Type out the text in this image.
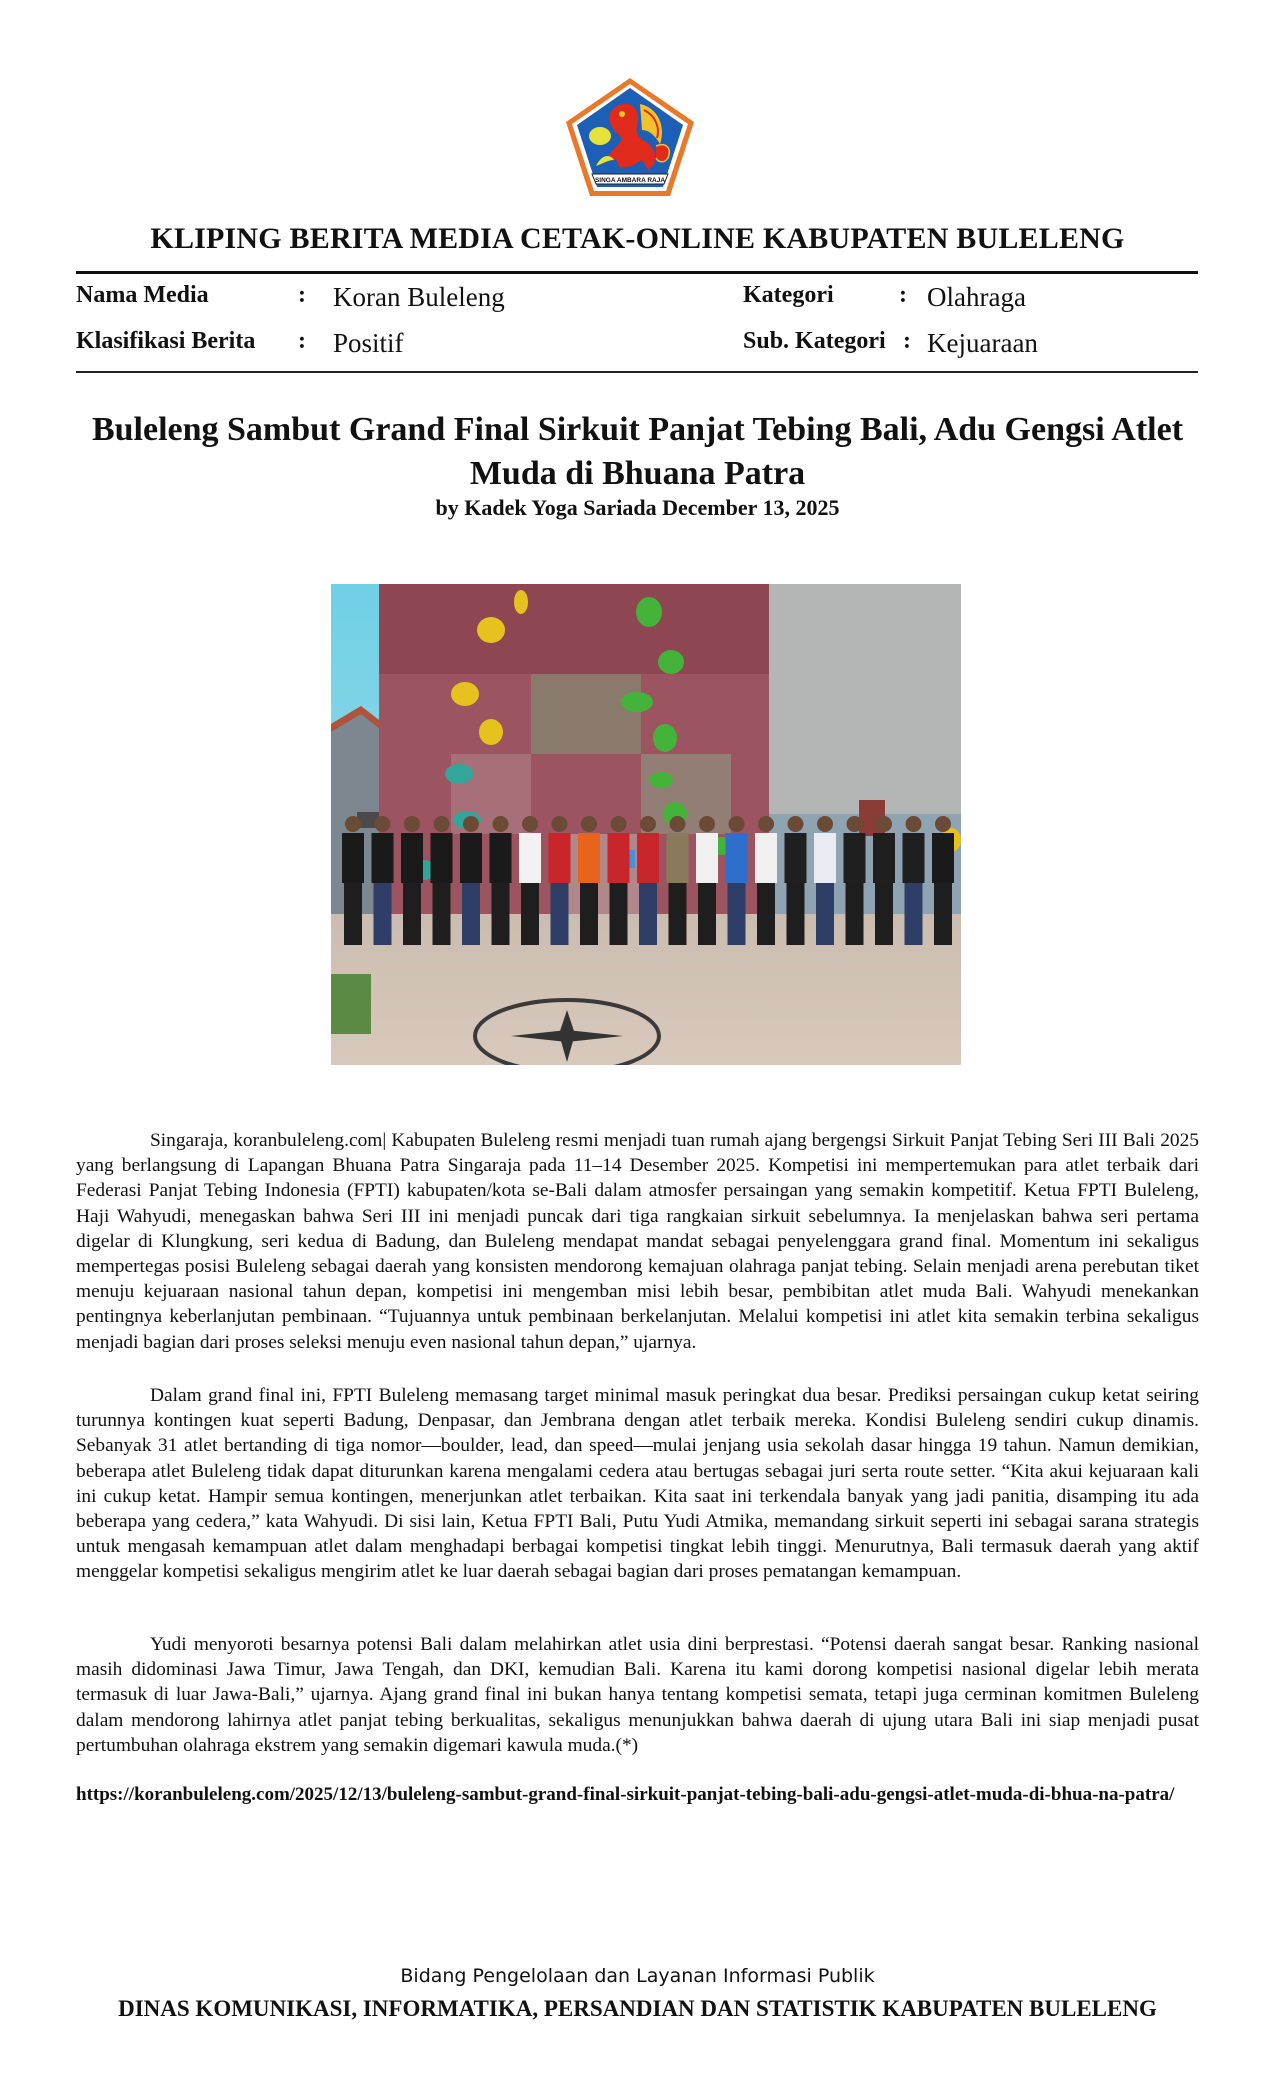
SINGA AMBARA RAJA
KLIPING BERITA MEDIA CETAK-ONLINE KABUPATEN BULELENG
Nama Media	: Koran Buleleng
Klasifikasi Berita : Positif
Kategori	: Olahraga
Sub. Kategori : Kejuaraan
Buleleng Sambut Grand Final Sirkuit Panjat Tebing Bali, Adu Gengsi Atlet Muda di Bhuana Patra
by Kadek Yoga Sariada December 13, 2025

Singaraja, koranbuleleng.com| Kabupaten Buleleng resmi menjadi tuan rumah ajang bergengsi Sirkuit Panjat Tebing Seri III Bali 2025 yang berlangsung di Lapangan Bhuana Patra Singaraja pada 11–14 Desember 2025. Kompetisi ini mempertemukan para atlet terbaik dari Federasi Panjat Tebing Indonesia (FPTI) kabupaten/kota se-Bali dalam atmosfer persaingan yang semakin kompetitif. Ketua FPTI Buleleng, Haji Wahyudi, menegaskan bahwa Seri III ini menjadi puncak dari tiga rangkaian sirkuit sebelumnya. Ia menjelaskan bahwa seri pertama digelar di Klungkung, seri kedua di Badung, dan Buleleng mendapat mandat sebagai penyelenggara grand final. Momentum ini sekaligus mempertegas posisi Buleleng sebagai daerah yang konsisten mendorong kemajuan olahraga panjat tebing. Selain menjadi arena perebutan tiket menuju kejuaraan nasional tahun depan, kompetisi ini mengemban misi lebih besar, pembibitan atlet muda Bali. Wahyudi menekankan pentingnya keberlanjutan pembinaan. “Tujuannya untuk pembinaan berkelanjutan. Melalui kompetisi ini atlet kita semakin terbina sekaligus menjadi bagian dari proses seleksi menuju even nasional tahun depan,” ujarnya.

Dalam grand final ini, FPTI Buleleng memasang target minimal masuk peringkat dua besar. Prediksi persaingan cukup ketat seiring turunnya kontingen kuat seperti Badung, Denpasar, dan Jembrana dengan atlet terbaik mereka. Kondisi Buleleng sendiri cukup dinamis. Sebanyak 31 atlet bertanding di tiga nomor—boulder, lead, dan speed—mulai jenjang usia sekolah dasar hingga 19 tahun. Namun demikian, beberapa atlet Buleleng tidak dapat diturunkan karena mengalami cedera atau bertugas sebagai juri serta route setter. “Kita akui kejuaraan kali ini cukup ketat. Hampir semua kontingen, menerjunkan atlet terbaikan. Kita saat ini terkendala banyak yang jadi panitia, disamping itu ada beberapa yang cedera,” kata Wahyudi. Di sisi lain, Ketua FPTI Bali, Putu Yudi Atmika, memandang sirkuit seperti ini sebagai sarana strategis untuk mengasah kemampuan atlet dalam menghadapi berbagai kompetisi tingkat lebih tinggi. Menurutnya, Bali termasuk daerah yang aktif menggelar kompetisi sekaligus mengirim atlet ke luar daerah sebagai bagian dari proses pematangan kemampuan.

Yudi menyoroti besarnya potensi Bali dalam melahirkan atlet usia dini berprestasi. “Potensi daerah sangat besar. Ranking nasional masih didominasi Jawa Timur, Jawa Tengah, dan DKI, kemudian Bali. Karena itu kami dorong kompetisi nasional digelar lebih merata termasuk di luar Jawa-Bali,” ujarnya. Ajang grand final ini bukan hanya tentang kompetisi semata, tetapi juga cerminan komitmen Buleleng dalam mendorong lahirnya atlet panjat tebing berkualitas, sekaligus menunjukkan bahwa daerah di ujung utara Bali ini siap menjadi pusat pertumbuhan olahraga ekstrem yang semakin digemari kawula muda.(*)

https://koranbuleleng.com/2025/12/13/buleleng-sambut-grand-final-sirkuit-panjat-tebing-bali-adu-gengsi-atlet-muda-di-bhua-na-patra/

Bidang Pengelolaan dan Layanan Informasi Publik
DINAS KOMUNIKASI, INFORMATIKA, PERSANDIAN DAN STATISTIK KABUPATEN BULELENG
